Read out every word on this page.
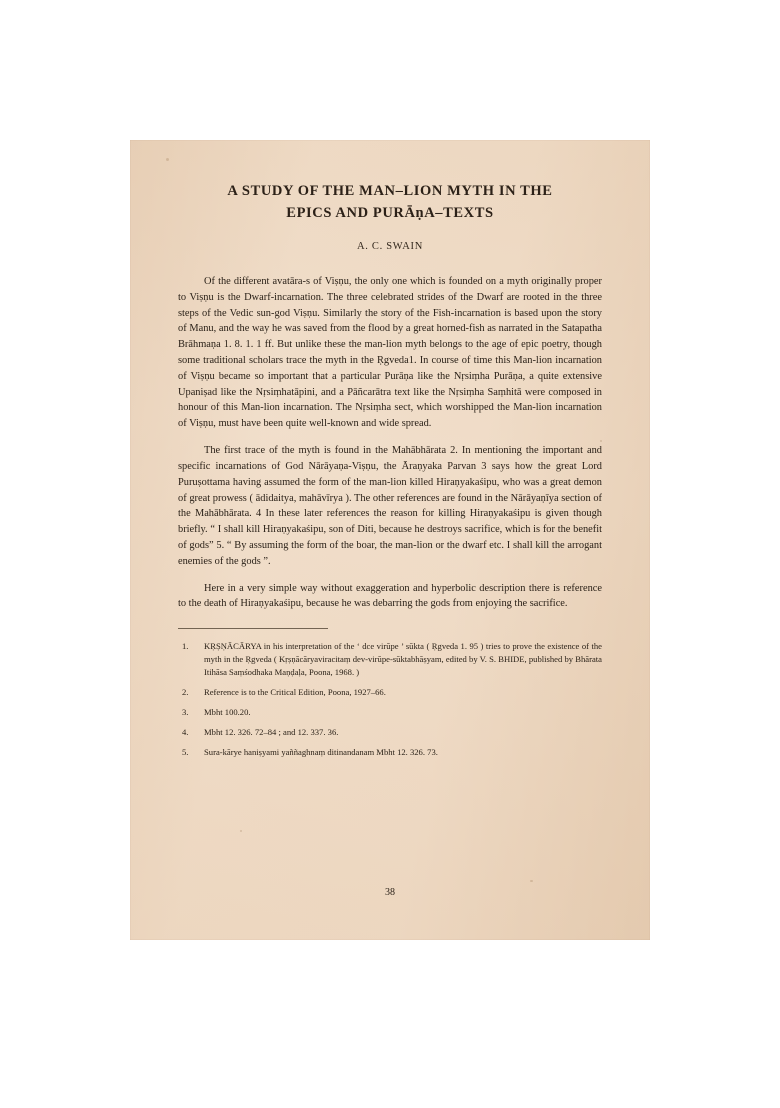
A STUDY OF THE MAN–LION MYTH IN THE
EPICS AND PURĀṇA–TEXTS
A. C. SWAIN

Of the different avatāra-s of Viṣṇu, the only one which is founded on a myth originally proper to Viṣṇu is the Dwarf-incarnation. The three celebrated strides of the Dwarf are rooted in the three steps of the Vedic sun-god Viṣṇu. Similarly the story of the Fish-incarnation is based upon the story of Manu, and the way he was saved from the flood by a great horned-fish as narrated in the Satapatha Brāhmaṇa 1. 8. 1. 1 ff. But unlike these the man-lion myth belongs to the age of epic poetry, though some traditional scholars trace the myth in the Ṛgveda1. In course of time this Man-lion incarnation of Viṣṇu became so important that a particular Purāṇa like the Nṛsiṃha Purāṇa, a quite extensive Upaniṣad like the Nṛsiṃhatāpini, and a Pāñcarātra text like the Nṛsiṃha Saṃhitā were composed in honour of this Man-lion incarnation. The Nṛsiṃha sect, which worshipped the Man-lion incarnation of Viṣṇu, must have been quite well-known and wide spread.

The first trace of the myth is found in the Mahābhārata 2. In mentioning the important and specific incarnations of God Nārāyaṇa-Viṣṇu, the Āraṇyaka Parvan 3 says how the great Lord Puruṣottama having assumed the form of the man-lion killed Hiraṇyakaśipu, who was a great demon of great prowess ( ādidaitya, mahāvīrya ). The other references are found in the Nārāyaṇīya section of the Mahābhārata. 4 In these later references the reason for killing Hiraṇyakaśipu is given though briefly. “ I shall kill Hiraṇyakaśipu, son of Diti, because he destroys sacrifice, which is for the benefit of gods” 5. “ By assuming the form of the boar, the man-lion or the dwarf etc. I shall kill the arrogant enemies of the gods ”.

Here in a very simple way without exaggeration and hyperbolic description there is reference to the death of Hiraṇyakaśipu, because he was debarring the gods from enjoying the sacrifice.

1.	KṚṢṆĀCĀRYA in his interpretation of the ‘ dce virūpe ’ sūkta ( Ṛgveda 1. 95 ) tries to prove the existence of the myth in the Ṛgveda ( Kṛṣṇācāryaviracitaṃ dev-virūpe-sūktabhāṣyam, edited by V. S. BHIDE, published by Bhārata Itihāsa Saṃśodhaka Maṇḍaḷa, Poona, 1968. )
2.	Reference is to the Critical Edition, Poona, 1927–66.
3.	Mbht 100.20.
4.	Mbht 12. 326. 72–84 ; and 12. 337. 36.
5.	Sura-kārye haniṣyami yaññaghnaṃ ditinandanam Mbht 12. 326. 73.
38
